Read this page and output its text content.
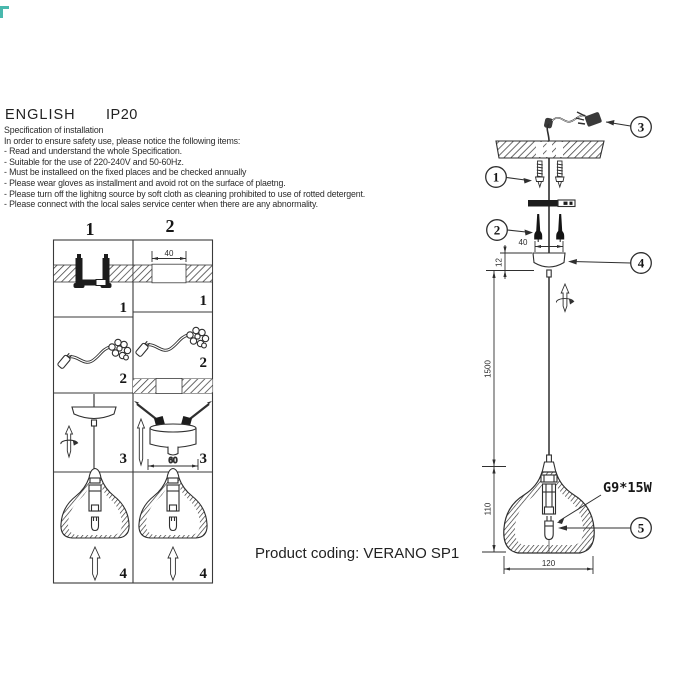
ENGLISH IP20
Specification of installation
In order to ensure safety use, please notice the following items:
- Read and understand the whole Specification.
- Suitable for the use of 220-240V and 50-60Hz.
- Must be installeed on the fixed places and be checked annually
- Please wear gloves as installment and avoid rot on the surface of plaetng.
- Please turn off the lighitng source by soft cloth as cleaning prohibited to use of rotted detergent.
- Please connect with the local sales service center when there are any abnormality.
1	2
1
40
1
2
2
3	60 3
4	4
3
1
2
4
5
40
12
1500
110
120
G9*15W
Product coding: VERANO SP1
